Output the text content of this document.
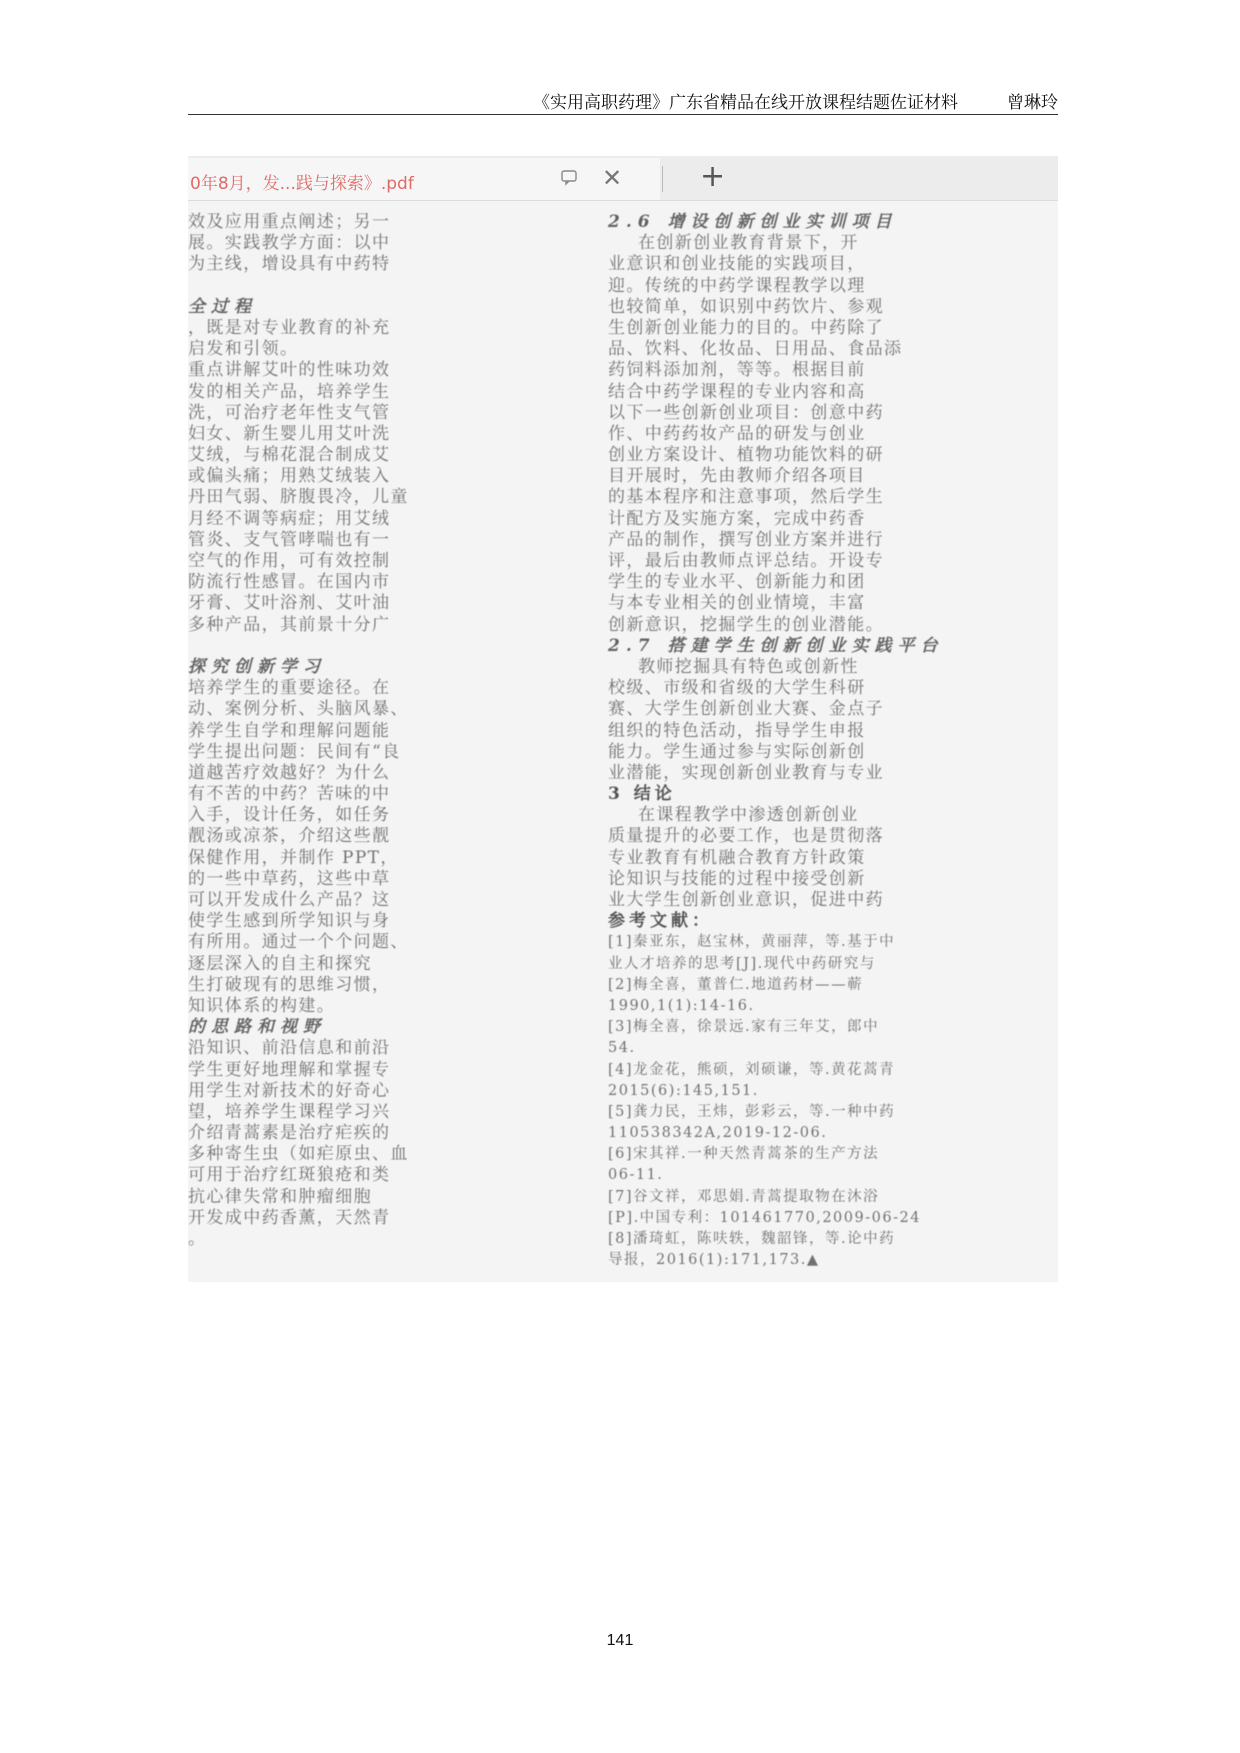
《实用高职药理》广东省精品在线开放课程结题佐证材料	曾琳玲
0年8月，发...践与探索》.pdf	✕	+
效及应用重点阐述；另一
展。实践教学方面：以中
为主线，增设具有中药特
全过程
，既是对专业教育的补充
启发和引领。
重点讲解艾叶的性味功效
发的相关产品，培养学生
洗，可治疗老年性支气管
妇女、新生婴儿用艾叶洗
艾绒，与棉花混合制成艾
或偏头痛；用熟艾绒装入
丹田气弱、脐腹畏冷，儿童
月经不调等病症；用艾绒
管炎、支气管哮喘也有一
空气的作用，可有效控制
防流行性感冒。在国内市
牙膏、艾叶浴剂、艾叶油
多种产品，其前景十分广
探究创新学习
培养学生的重要途径。在
动、案例分析、头脑风暴、
养学生自学和理解问题能
学生提出问题：民间有“良
道越苦疗效越好？为什么
有不苦的中药？苦味的中
入手，设计任务，如任务
靓汤或凉茶，介绍这些靓
保健作用，并制作 PPT，
的一些中草药，这些中草
可以开发成什么产品？这
使学生感到所学知识与身
有所用。通过一个个问题、
逐层深入的自主和探究
生打破现有的思维习惯，
知识体系的构建。
的思路和视野
沿知识、前沿信息和前沿
学生更好地理解和掌握专
用学生对新技术的好奇心
望，培养学生课程学习兴
介绍青蒿素是治疗疟疾的
多种寄生虫（如疟原虫、血
可用于治疗红斑狼疮和类
抗心律失常和肿瘤细胞
开发成中药香薰，天然青
。
2.6 增设创新创业实训项目
在创新创业教育背景下，开
业意识和创业技能的实践项目，
迎。传统的中药学课程教学以理
也较简单，如识别中药饮片、参观
生创新创业能力的目的。中药除了
品、饮料、化妆品、日用品、食品添
药饲料添加剂，等等。根据目前
结合中药学课程的专业内容和高
以下一些创新创业项目：创意中药
作、中药药妆产品的研发与创业
创业方案设计、植物功能饮料的研
目开展时，先由教师介绍各项目
的基本程序和注意事项，然后学生
计配方及实施方案，完成中药香
产品的制作，撰写创业方案并进行
评，最后由教师点评总结。开设专
学生的专业水平、创新能力和团
与本专业相关的创业情境，丰富
创新意识，挖掘学生的创业潜能。
2.7 搭建学生创新创业实践平台
教师挖掘具有特色或创新性
校级、市级和省级的大学生科研
赛、大学生创新创业大赛、金点子
组织的特色活动，指导学生申报
能力。学生通过参与实际创新创
业潜能，实现创新创业教育与专业
3 结论
在课程教学中渗透创新创业
质量提升的必要工作，也是贯彻落
专业教育有机融合教育方针政策
论知识与技能的过程中接受创新
业大学生创新创业意识，促进中药
参考文献：
[1]秦亚东，赵宝林，黄丽萍，等.基于中
业人才培养的思考[J].现代中药研究与
[2]梅全喜，董普仁.地道药材——蕲
1990,1(1):14-16.
[3]梅全喜，徐景远.家有三年艾，郎中
54.
[4]龙金花，熊硕，刘硕谦，等.黄花蒿青
2015(6):145,151.
[5]龚力民，王炜，彭彩云，等.一种中药
110538342A,2019-12-06.
[6]宋其祥.一种天然青蒿茶的生产方法
06-11.
[7]谷文祥，邓思娟.青蒿提取物在沐浴
[P].中国专利：101461770,2009-06-24
[8]潘琦虹，陈呋轶，魏韶锋，等.论中药
导报，2016(1):171,173.▲
141
